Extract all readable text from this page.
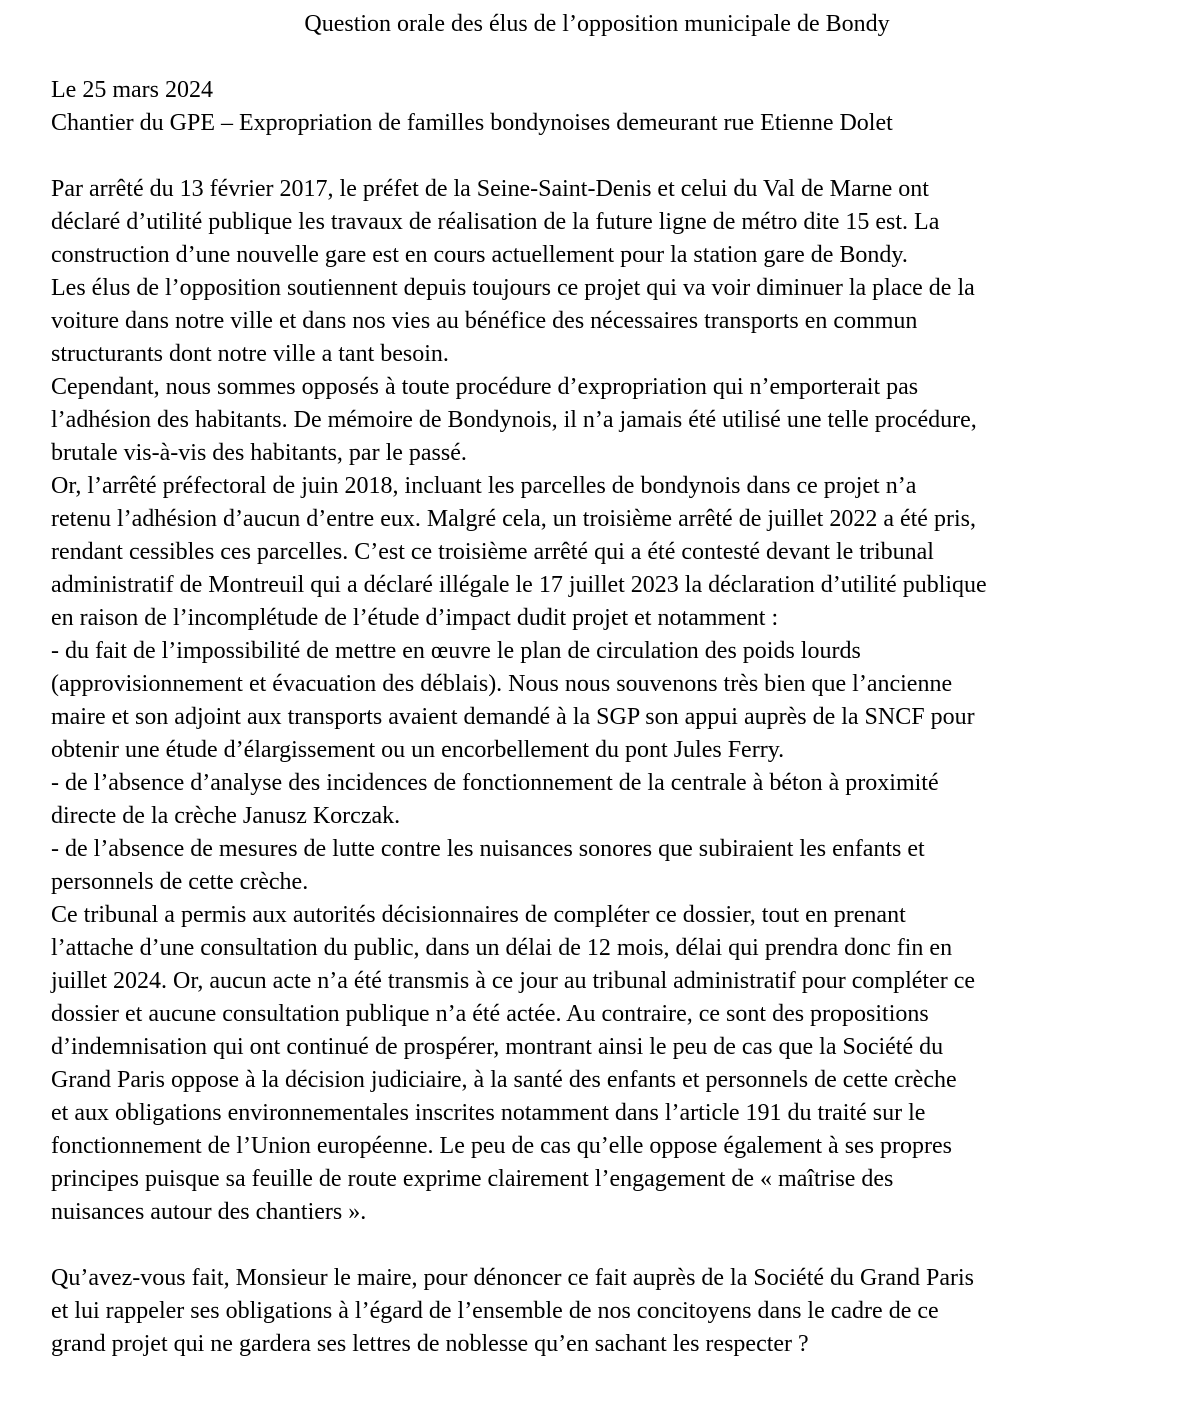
Question orale des élus de l’opposition municipale de Bondy
Le 25 mars 2024
Chantier du GPE – Expropriation de familles bondynoises demeurant rue Etienne Dolet
Par arrêté du 13 février 2017, le préfet de la Seine-Saint-Denis et celui du Val de Marne ont
déclaré d’utilité publique les travaux de réalisation de la future ligne de métro dite 15 est. La
construction d’une nouvelle gare est en cours actuellement pour la station gare de Bondy.
Les élus de l’opposition soutiennent depuis toujours ce projet qui va voir diminuer la place de la
voiture dans notre ville et dans nos vies au bénéfice des nécessaires transports en commun
structurants dont notre ville a tant besoin.
Cependant, nous sommes opposés à toute procédure d’expropriation qui n’emporterait pas
l’adhésion des habitants. De mémoire de Bondynois, il n’a jamais été utilisé une telle procédure,
brutale vis-à-vis des habitants, par le passé.
Or, l’arrêté préfectoral de juin 2018, incluant les parcelles de bondynois dans ce projet n’a
retenu l’adhésion d’aucun d’entre eux. Malgré cela, un troisième arrêté de juillet 2022 a été pris,
rendant cessibles ces parcelles. C’est ce troisième arrêté qui a été contesté devant le tribunal
administratif de Montreuil qui a déclaré illégale le 17 juillet 2023 la déclaration d’utilité publique
en raison de l’incomplétude de l’étude d’impact dudit projet et notamment :
- du fait de l’impossibilité de mettre en œuvre le plan de circulation des poids lourds
(approvisionnement et évacuation des déblais). Nous nous souvenons très bien que l’ancienne
maire et son adjoint aux transports avaient demandé à la SGP son appui auprès de la SNCF pour
obtenir une étude d’élargissement ou un encorbellement du pont Jules Ferry.
- de l’absence d’analyse des incidences de fonctionnement de la centrale à béton à proximité
directe de la crèche Janusz Korczak.
- de l’absence de mesures de lutte contre les nuisances sonores que subiraient les enfants et
personnels de cette crèche.
Ce tribunal a permis aux autorités décisionnaires de compléter ce dossier, tout en prenant
l’attache d’une consultation du public, dans un délai de 12 mois, délai qui prendra donc fin en
juillet 2024. Or, aucun acte n’a été transmis à ce jour au tribunal administratif pour compléter ce
dossier et aucune consultation publique n’a été actée. Au contraire, ce sont des propositions
d’indemnisation qui ont continué de prospérer, montrant ainsi le peu de cas que la Société du
Grand Paris oppose à la décision judiciaire, à la santé des enfants et personnels de cette crèche
et aux obligations environnementales inscrites notamment dans l’article 191 du traité sur le
fonctionnement de l’Union européenne. Le peu de cas qu’elle oppose également à ses propres
principes puisque sa feuille de route exprime clairement l’engagement de « maîtrise des
nuisances autour des chantiers ».
Qu’avez-vous fait, Monsieur le maire, pour dénoncer ce fait auprès de la Société du Grand Paris
et lui rappeler ses obligations à l’égard de l’ensemble de nos concitoyens dans le cadre de ce
grand projet qui ne gardera ses lettres de noblesse qu’en sachant les respecter ?
